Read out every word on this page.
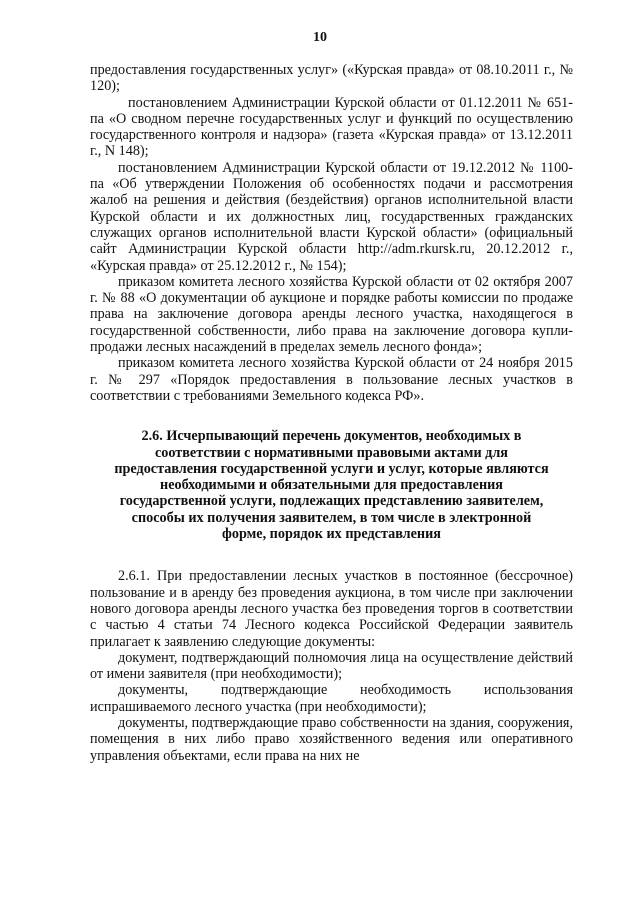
10

предоставления государственных услуг» («Курская правда» от 08.10.2011 г., № 120);

постановлением Администрации Курской области от 01.12.2011 № 651-па «О сводном перечне государственных услуг и функций по осуществлению государственного контроля и надзора» (газета «Курская правда» от 13.12.2011 г., N 148);

постановлением Администрации Курской области от 19.12.2012 № 1100-па «Об утверждении Положения об особенностях подачи и рассмотрения жалоб на решения и действия (бездействия) органов исполнительной власти Курской области и их должностных лиц, государственных гражданских служащих органов исполнительной власти Курской области» (официальный сайт Администрации Курской области http://adm.rkursk.ru, 20.12.2012 г., «Курская правда» от 25.12.2012 г., № 154);

приказом комитета лесного хозяйства Курской области от 02 октября 2007 г. № 88 «О документации об аукционе и порядке работы комиссии по продаже права на заключение договора аренды лесного участка, находящегося в государственной собственности, либо права на заключение договора купли-продажи лесных насаждений в пределах земель лесного фонда»;

приказом комитета лесного хозяйства Курской области от 24 ноября 2015 г. № 297 «Порядок предоставления в пользование лесных участков в соответствии с требованиями Земельного кодекса РФ».

2.6. Исчерпывающий перечень документов, необходимых в соответствии с нормативными правовыми актами для предоставления государственной услуги и услуг, которые являются необходимыми и обязательными для предоставления государственной услуги, подлежащих представлению заявителем, способы их получения заявителем, в том числе в электронной форме, порядок их представления

2.6.1. При предоставлении лесных участков в постоянное (бессрочное) пользование и в аренду без проведения аукциона, в том числе при заключении нового договора аренды лесного участка без проведения торгов в соответствии с частью 4 статьи 74 Лесного кодекса Российской Федерации заявитель прилагает к заявлению следующие документы:

документ, подтверждающий полномочия лица на осуществление действий от имени заявителя (при необходимости);

документы, подтверждающие необходимость использования испрашиваемого лесного участка (при необходимости);

документы, подтверждающие право собственности на здания, сооружения, помещения в них либо право хозяйственного ведения или оперативного управления объектами, если права на них не
